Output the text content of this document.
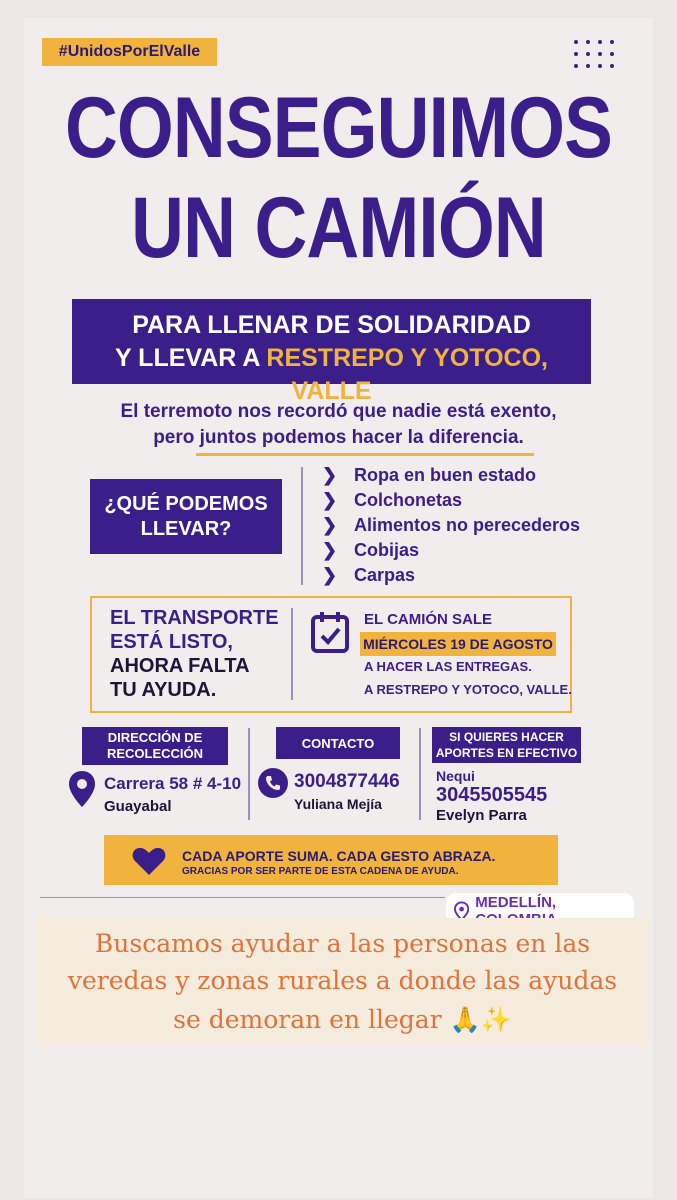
#UnidosPorElValle
CONSEGUIMOS
UN CAMIÓN
PARA LLENAR DE SOLIDARIDAD
Y LLEVAR A RESTREPO Y YOTOCO, VALLE
El terremoto nos recordó que nadie está exento,
pero juntos podemos hacer la diferencia.
¿QUÉ PODEMOS
LLEVAR?
❯ Ropa en buen estado
❯ Colchonetas
❯ Alimentos no perecederos
❯ Cobijas
❯ Carpas
EL TRANSPORTE
ESTÁ LISTO,
AHORA FALTA
TU AYUDA.
EL CAMIÓN SALE
MIÉRCOLES 19 DE AGOSTO
A HACER LAS ENTREGAS.
A RESTREPO Y YOTOCO, VALLE.
DIRECCIÓN DE
RECOLECCIÓN
CONTACTO	SI QUIERES HACER
APORTES EN EFECTIVO
Carrera 58 # 4-10
Guayabal
3004877446
Yuliana Mejía
Nequi
3045505545
Evelyn Parra
CADA APORTE SUMA. CADA GESTO ABRAZA.
GRACIAS POR SER PARTE DE ESTA CADENA DE AYUDA.
MEDELLÍN,
Buscamos ayudar a las personas en las
veredas y zonas rurales a donde las ayudas
se demoran en llegar 🙏✨
